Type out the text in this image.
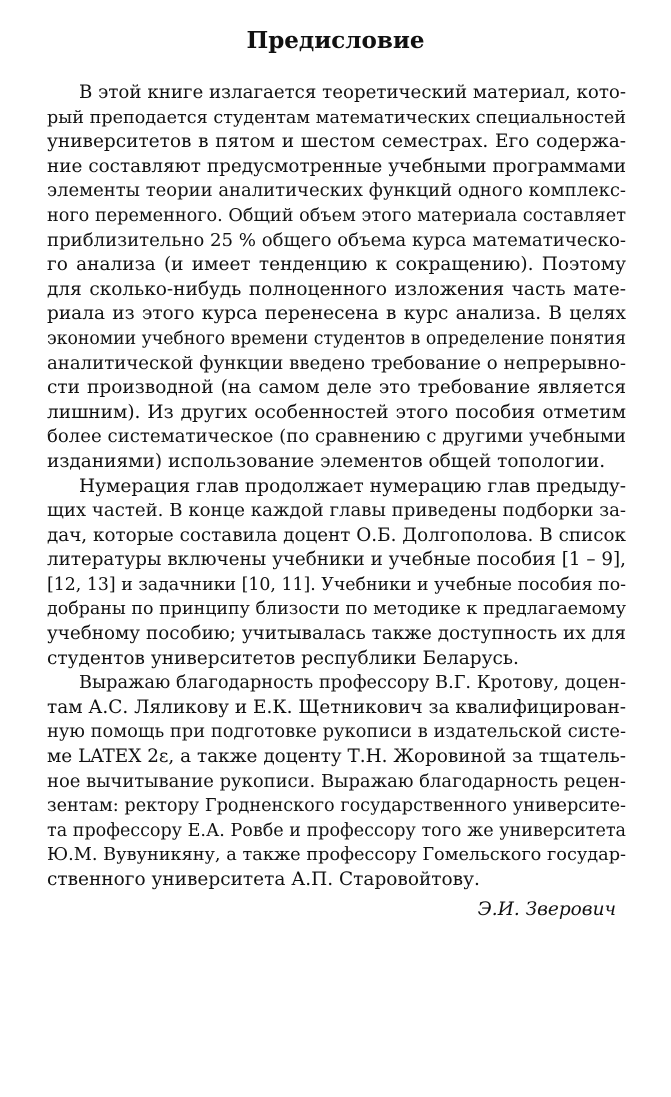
Предисловие

В этой книге излагается теоретический материал, кото-
рый преподается студентам математических специальностей
университетов в пятом и шестом семестрах. Его содержа-
ние составляют предусмотренные учебными программами
элементы теории аналитических функций одного комплекс-
ного переменного. Общий объем этого материала составляет
приблизительно 25 % общего объема курса математическо-
го анализа (и имеет тенденцию к сокращению). Поэтому
для сколько-нибудь полноценного изложения часть мате-
риала из этого курса перенесена в курс анализа. В целях
экономии учебного времени студентов в определение понятия
аналитической функции введено требование о непрерывно-
сти производной (на самом деле это требование является
лишним). Из других особенностей этого пособия отметим
более систематическое (по сравнению с другими учебными
изданиями) использование элементов общей топологии.

Нумерация глав продолжает нумерацию глав предыду-
щих частей. В конце каждой главы приведены подборки за-
дач, которые составила доцент О.Б. Долгополова. В список
литературы включены учебники и учебные пособия [1 – 9],
[12, 13] и задачники [10, 11]. Учебники и учебные пособия по-
добраны по принципу близости по методике к предлагаемому
учебному пособию; учитывалась также доступность их для
студентов университетов республики Беларусь.

Выражаю благодарность профессору В.Г. Кротову, доцен-
там А.С. Ляликову и Е.К. Щетникович за квалифицирован-
ную помощь при подготовке рукописи в издательской систе-
ме LATEX 2ε, а также доценту Т.Н. Жоровиной за тщатель-
ное вычитывание рукописи. Выражаю благодарность рецен-
зентам: ректору Гродненского государственного университе-
та профессору Е.А. Ровбе и профессору того же университета
Ю.М. Вувуникяну, а также профессору Гомельского государ-
ственного университета А.П. Старовойтову.

Э.И. Зверович
